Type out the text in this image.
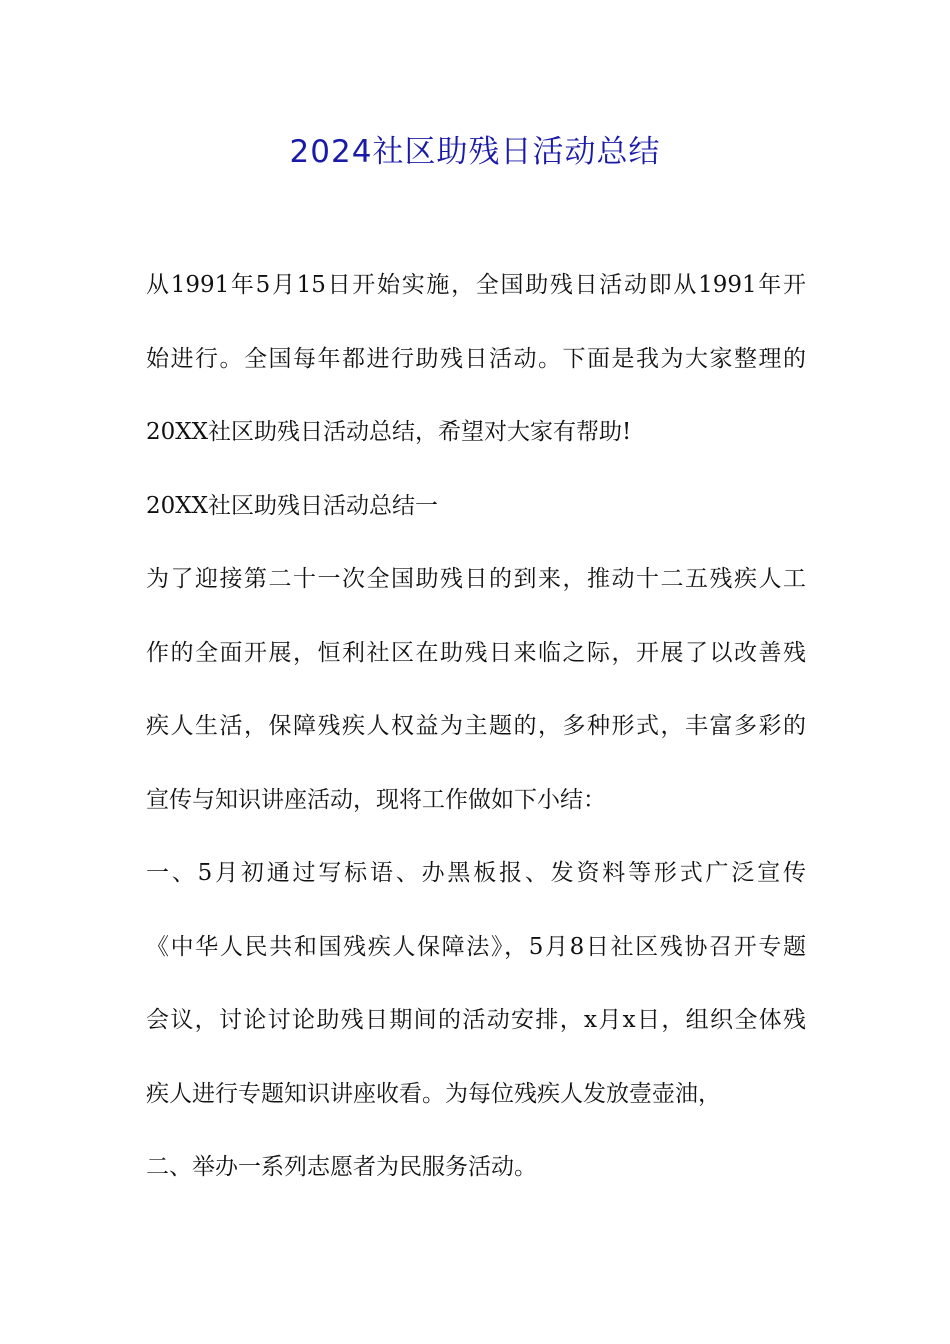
2024社区助残日活动总结
从1991年5月15日开始实施，全国助残日活动即从1991年开
始进行。全国每年都进行助残日活动。下面是我为大家整理的
20XX社区助残日活动总结，希望对大家有帮助!
20XX社区助残日活动总结一
为了迎接第二十一次全国助残日的到来，推动十二五残疾人工
作的全面开展，恒利社区在助残日来临之际，开展了以改善残
疾人生活，保障残疾人权益为主题的，多种形式，丰富多彩的
宣传与知识讲座活动，现将工作做如下小结：
一、5月初通过写标语、办黑板报、发资料等形式广泛宣传
《中华人民共和国残疾人保障法》，5月8日社区残协召开专题
会议，讨论讨论助残日期间的活动安排，x月x日，组织全体残
疾人进行专题知识讲座收看。为每位残疾人发放壹壶油，
二、举办一系列志愿者为民服务活动。
